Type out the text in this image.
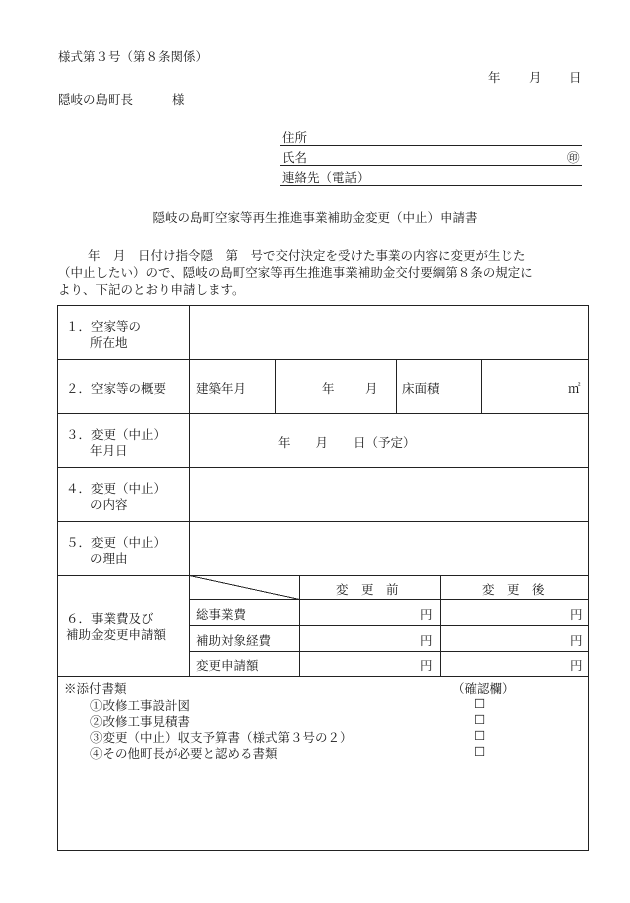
様式第３号（第８条関係）
年 月 日
隠岐の島町長	様
住所
氏名	㊞
連絡先（電話）
隠岐の島町空家等再生推進事業補助金変更（中止）申請書

年　月　日付け指令隠　第　号で交付決定を受けた事業の内容に変更が生じた

（中止したい）ので、隠岐の島町空家等再生推進事業補助金交付要綱第８条の規定に

より、下記のとおり申請します。

１．空家等の
所在地
２．空家等の概要 建築年月	年 月 床面積	㎡
３．変更（中止）
年月日
年　　月　　日（予定）
４．変更（中止）
の内容
５．変更（中止）
の理由
６．事業費及び
補助金変更申請額
変　更　前	変　更　後
総事業費	円	円
補助対象経費	円	円
変更申請額	円	円
※添付書類	（確認欄）
①改修工事設計図	☐
②改修工事見積書	☐
③変更（中止）収支予算書（様式第３号の２）	☐
④その他町長が必要と認める書類	☐
